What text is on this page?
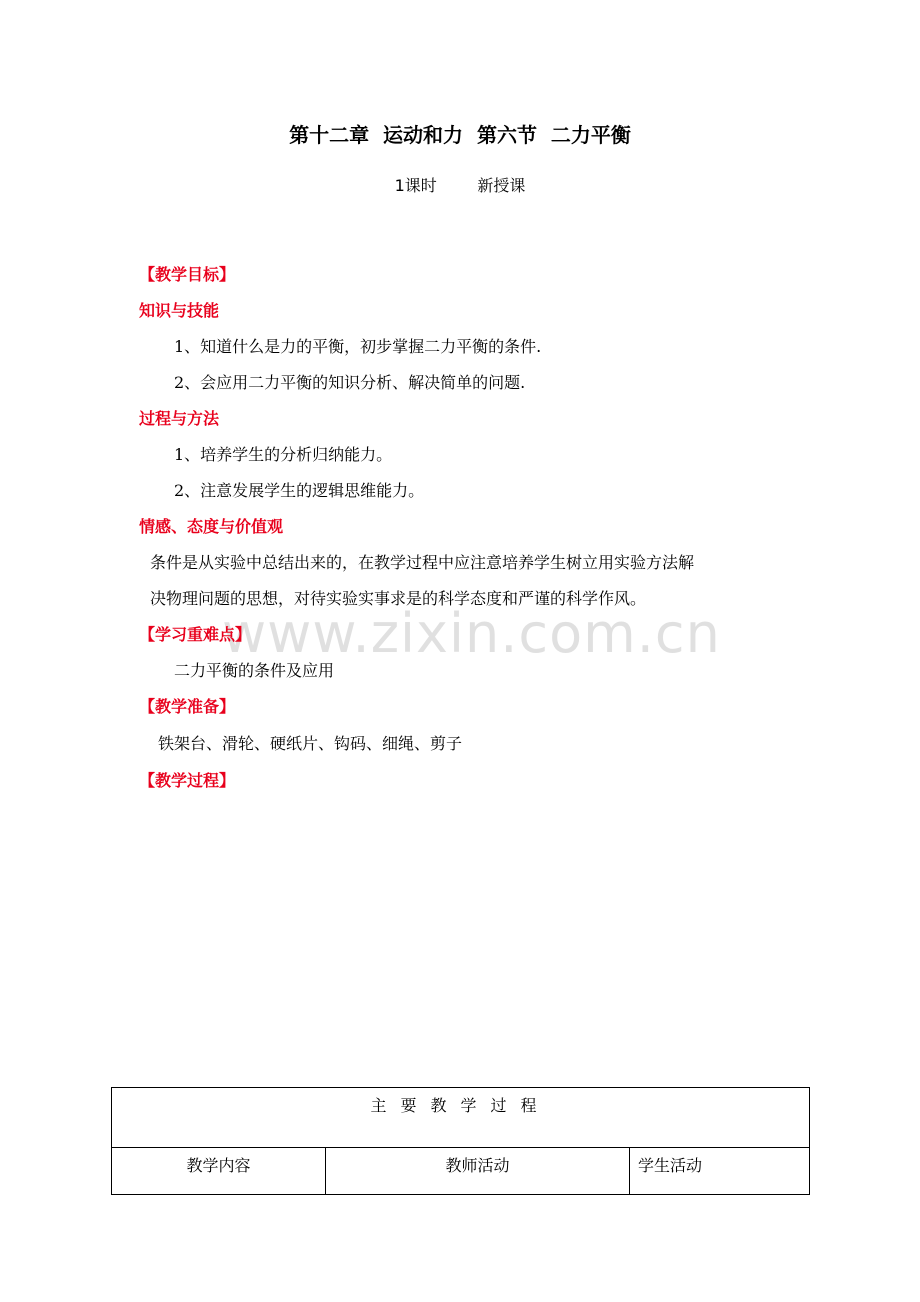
第十二章  运动和力  第六节  二力平衡
1课时        新授课
【教学目标】
知识与技能
1、知道什么是力的平衡，初步掌握二力平衡的条件.
2、会应用二力平衡的知识分析、解决简单的问题.
过程与方法
1、培养学生的分析归纳能力。
2、注意发展学生的逻辑思维能力。
情感、态度与价值观
条件是从实验中总结出来的，在教学过程中应注意培养学生树立用实验方法解
决物理问题的思想，对待实验实事求是的科学态度和严谨的科学作风。
www.zixin.com.cn
【学习重难点】
二力平衡的条件及应用
【教学准备】
铁架台、滑轮、硬纸片、钩码、细绳、剪子
【教学过程】
主要教学过程
教学内容	教师活动	学生活动
